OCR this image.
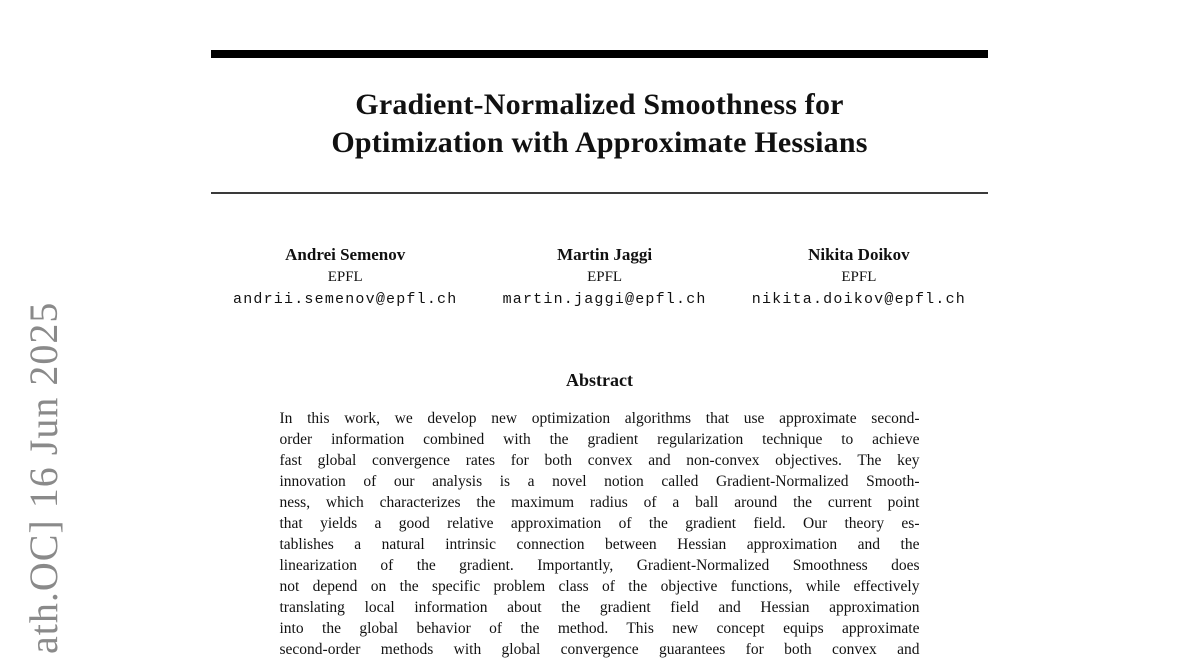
ath.OC] 16 Jun 2025
Gradient-Normalized Smoothness for
Optimization with Approximate Hessians
Andrei Semenov
EPFL
andrii.semenov@epfl.ch
Martin Jaggi
EPFL
martin.jaggi@epfl.ch
Nikita Doikov
EPFL
nikita.doikov@epfl.ch
Abstract
In this work, we develop new optimization algorithms that use approximate second-
order information combined with the gradient regularization technique to achieve
fast global convergence rates for both convex and non-convex objectives. The key
innovation of our analysis is a novel notion called Gradient-Normalized Smooth-
ness, which characterizes the maximum radius of a ball around the current point
that yields a good relative approximation of the gradient field. Our theory es-
tablishes a natural intrinsic connection between Hessian approximation and the
linearization of the gradient. Importantly, Gradient-Normalized Smoothness does
not depend on the specific problem class of the objective functions, while effectively
translating local information about the gradient field and Hessian approximation
into the global behavior of the method. This new concept equips approximate
second-order methods with global convergence guarantees for both convex and
